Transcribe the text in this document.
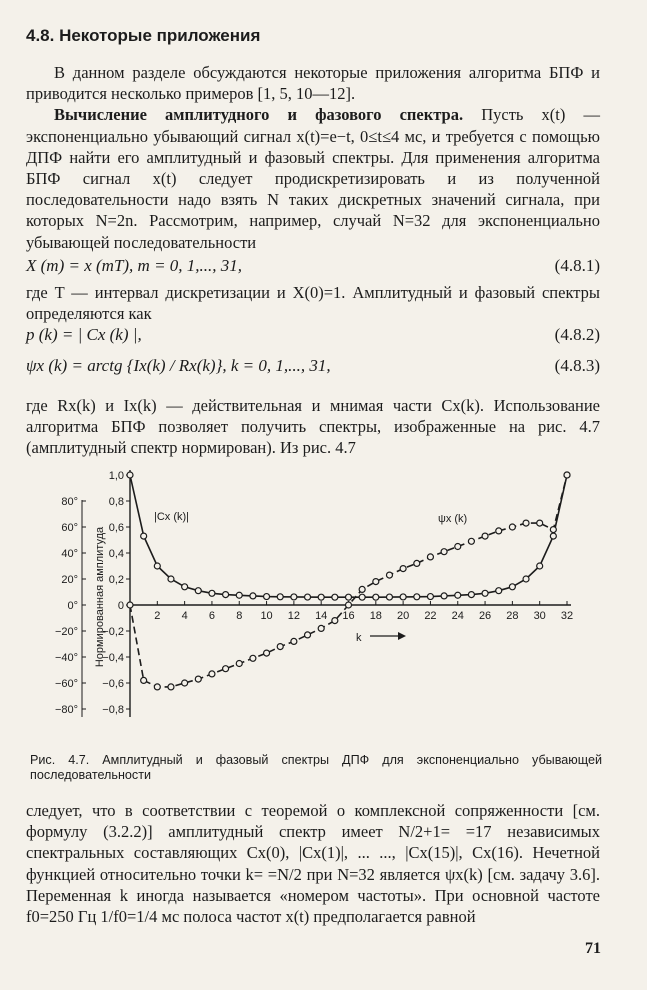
4.8. Некоторые приложения
В данном разделе обсуждаются некоторые приложения алгоритма БПФ и приводится несколько примеров [1, 5, 10—12].
Вычисление амплитудного и фазового спектра. Пусть x(t) — экспоненциально убывающий сигнал x(t)=e−t, 0≤t≤4 мс, и требуется с помощью ДПФ найти его амплитудный и фазовый спектры. Для применения алгоритма БПФ сигнал x(t) следует продискретизировать и из полученной последовательности надо взять N таких дискретных значений сигнала, при которых N=2n. Рассмотрим, например, случай N=32 для экспоненциально убывающей последовательности
X (m) = x (mT), m = 0, 1,..., 31,	(4.8.1)
где T — интервал дискретизации и X(0)=1. Амплитудный и фазовый спектры определяются как
p (k) = | Cx (k) |,	(4.8.2)
ψx (k) = arctg {Ix(k) / Rx(k)}, k = 0, 1,..., 31,	(4.8.3)
где Rx(k) и Ix(k) — действительная и мнимая части Cx(k). Использование алгоритма БПФ позволяет получить спектры, изображенные на рис. 4.7 (амплитудный спектр нормирован). Из рис. 4.7
1,0
0,8
0,6
0,4
0,2
0
−0,2
−0,4
−0,6
−0,8
80°
60°
40°
20°
0°
−20°
−40°
−60°
−80°
2 4 6 8 10 12 14 16 18 20 22 24 26 28 30 32
Нормированная амплитуда	k
|Cx (k)|	ψx (k)
Рис. 4.7. Амплитудный и фазовый спектры ДПФ для экспоненциально убывающей последовательности
следует, что в соответствии с теоремой о комплексной сопряженности [см. формулу (3.2.2)] амплитудный спектр имеет N/2+1= =17 независимых спектральных составляющих Cx(0), |Cx(1)|, ... ..., |Cx(15)|, Cx(16). Нечетной функцией относительно точки k= =N/2 при N=32 является ψx(k) [см. задачу 3.6]. Переменная k иногда называется «номером частоты». При основной частоте f0=250 Гц 1/f0=1/4 мс полоса частот x(t) предполагается равной
71
